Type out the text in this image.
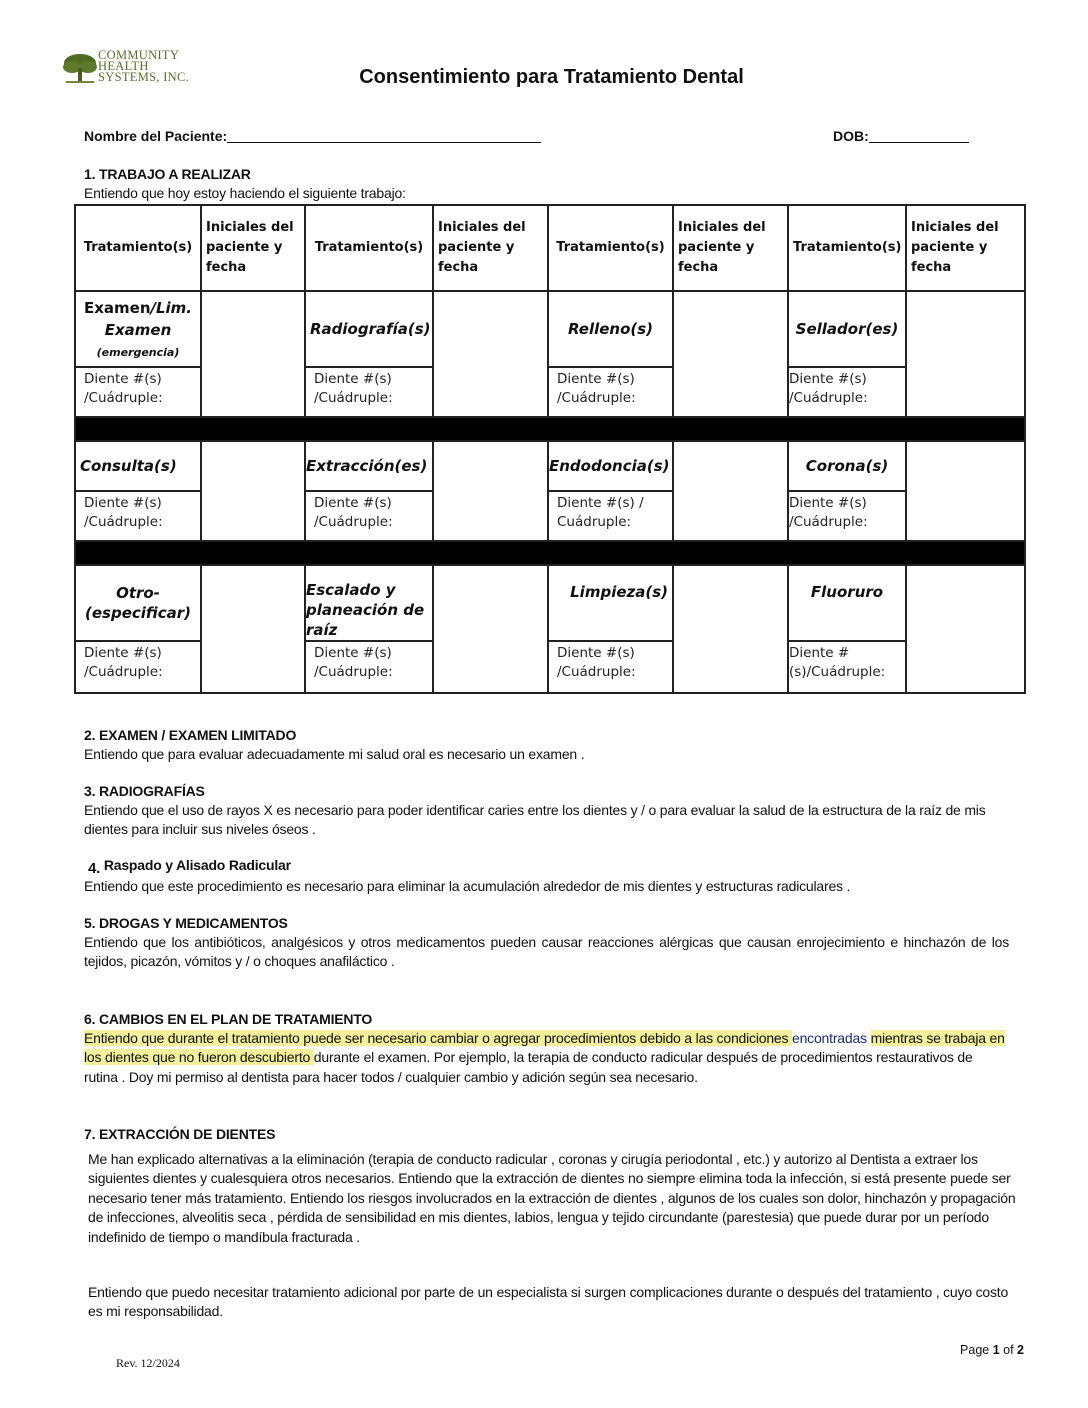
COMMUNITY
HEALTH
SYSTEMS, INC.	Consentimiento para Tratamiento Dental
Nombre del Paciente:	DOB:
1. TRABAJO A REALIZAR
Entiendo que hoy estoy haciendo el siguiente trabajo:
Tratamiento(s)	Iniciales del paciente y fecha	Tratamiento(s)	Iniciales del paciente y fecha	Tratamiento(s)	Iniciales del paciente y fecha	Tratamiento(s)	Iniciales del paciente y fecha
Examen/Lim.
Examen
(emergencia)		Radiografía(s)		Relleno(s)		Sellador(es)	
Diente #(s) /Cuádruple:		Diente #(s) /Cuádruple:		Diente #(s) /Cuádruple:		Diente #(s) /Cuádruple:	

Consulta(s)		Extracción(es)		Endodoncia(s)		Corona(s)	
Diente #(s) /Cuádruple:		Diente #(s) /Cuádruple:		Diente #(s) / Cuádruple:		Diente #(s) /Cuádruple:	

Otro-(especificar)		Escalado y planeación de raíz		Limpieza(s)		Fluoruro	
Diente #(s) /Cuádruple:		Diente #(s) /Cuádruple:		Diente #(s) /Cuádruple:		Diente #(s)/Cuádruple:	
2. EXAMEN / EXAMEN LIMITADO
Entiendo que para evaluar adecuadamente mi salud oral es necesario un examen .
3. RADIOGRAFÍAS
Entiendo que el uso de rayos X es necesario para poder identificar caries entre los dientes y / o para evaluar la salud de la estructura de la raíz de mis dientes para incluir sus niveles óseos .
4. Raspado y Alisado Radicular
Entiendo que este procedimiento es necesario para eliminar la acumulación alrededor de mis dientes y estructuras radiculares .
5. DROGAS Y MEDICAMENTOS
Entiendo que los antibióticos, analgésicos y otros medicamentos pueden causar reacciones alérgicas que causan enrojecimiento e hinchazón de los tejidos, picazón, vómitos y / o choques anafiláctico .
6. CAMBIOS EN EL PLAN DE TRATAMIENTO
Entiendo que durante el tratamiento puede ser necesario cambiar o agregar procedimientos debido a las condiciones encontradas mientras se trabaja en los dientes que no fueron descubierto durante el examen. Por ejemplo, la terapia de conducto radicular después de procedimientos restaurativos de rutina . Doy mi permiso al dentista para hacer todos / cualquier cambio y adición según sea necesario.
7. EXTRACCIÓN DE DIENTES
Me han explicado alternativas a la eliminación (terapia de conducto radicular , coronas y cirugía periodontal , etc.) y autorizo al Dentista a extraer los siguientes dientes y cualesquiera otros necesarios. Entiendo que la extracción de dientes no siempre elimina toda la infección, si está presente puede ser necesario tener más tratamiento. Entiendo los riesgos involucrados en la extracción de dientes , algunos de los cuales son dolor, hinchazón y propagación de infecciones, alveolitis seca , pérdida de sensibilidad en mis dientes, labios, lengua y tejido circundante (parestesia) que puede durar por un período indefinido de tiempo o mandíbula fracturada .
Entiendo que puedo necesitar tratamiento adicional por parte de un especialista si surgen complicaciones durante o después del tratamiento , cuyo costo es mi responsabilidad.
Rev. 12/2024
Page 1 of 2
